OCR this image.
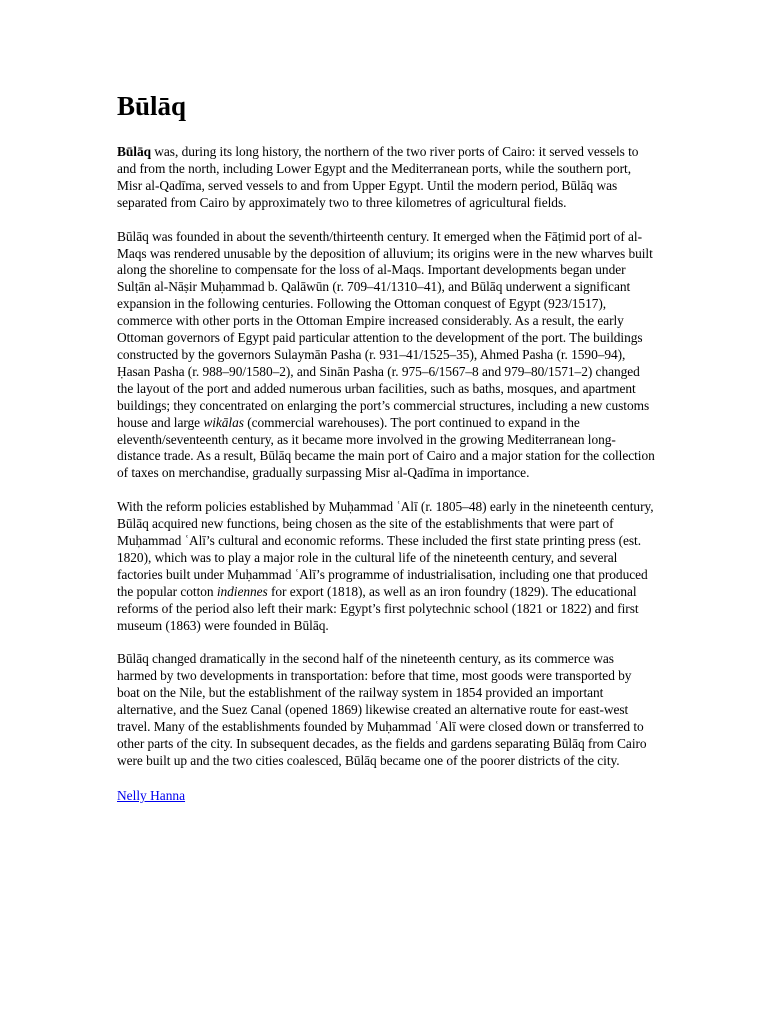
Būlāq

Būlāq was, during its long history, the northern of the two river ports of Cairo: it served vessels to and from the north, including Lower Egypt and the Mediterranean ports, while the southern port, Misr al-Qadīma, served vessels to and from Upper Egypt. Until the modern period, Būlāq was separated from Cairo by approximately two to three kilometres of agricultural fields.

Būlāq was founded in about the seventh/thirteenth century. It emerged when the Fāṭimid port of al-Maqs was rendered unusable by the deposition of alluvium; its origins were in the new wharves built along the shoreline to compensate for the loss of al-Maqs. Important developments began under Sulṭān al-Nāṣir Muḥammad b. Qalāwūn (r. 709–41/1310–41), and Būlāq underwent a significant expansion in the following centuries. Following the Ottoman conquest of Egypt (923/1517), commerce with other ports in the Ottoman Empire increased considerably. As a result, the early Ottoman governors of Egypt paid particular attention to the development of the port. The buildings constructed by the governors Sulaymān Pasha (r. 931–41/1525–35), Ahmed Pasha (r. 1590–94), Ḥasan Pasha (r. 988–90/1580–2), and Sinān Pasha (r. 975–6/1567–8 and 979–80/1571–2) changed the layout of the port and added numerous urban facilities, such as baths, mosques, and apartment buildings; they concentrated on enlarging the port’s commercial structures, including a new customs house and large wikālas (commercial warehouses). The port continued to expand in the eleventh/seventeenth century, as it became more involved in the growing Mediterranean long-distance trade. As a result, Būlāq became the main port of Cairo and a major station for the collection of taxes on merchandise, gradually surpassing Misr al-Qadīma in importance.

With the reform policies established by Muḥammad ʿAlī (r. 1805–48) early in the nineteenth century, Būlāq acquired new functions, being chosen as the site of the establishments that were part of Muḥammad ʿAlī’s cultural and economic reforms. These included the first state printing press (est. 1820), which was to play a major role in the cultural life of the nineteenth century, and several factories built under Muḥammad ʿAlī’s programme of industrialisation, including one that produced the popular cotton indiennes for export (1818), as well as an iron foundry (1829). The educational reforms of the period also left their mark: Egypt’s first polytechnic school (1821 or 1822) and first museum (1863) were founded in Būlāq.

Būlāq changed dramatically in the second half of the nineteenth century, as its commerce was harmed by two developments in transportation: before that time, most goods were transported by boat on the Nile, but the establishment of the railway system in 1854 provided an important alternative, and the Suez Canal (opened 1869) likewise created an alternative route for east-west travel. Many of the establishments founded by Muḥammad ʿAlī were closed down or transferred to other parts of the city. In subsequent decades, as the fields and gardens separating Būlāq from Cairo were built up and the two cities coalesced, Būlāq became one of the poorer districts of the city.

Nelly Hanna
